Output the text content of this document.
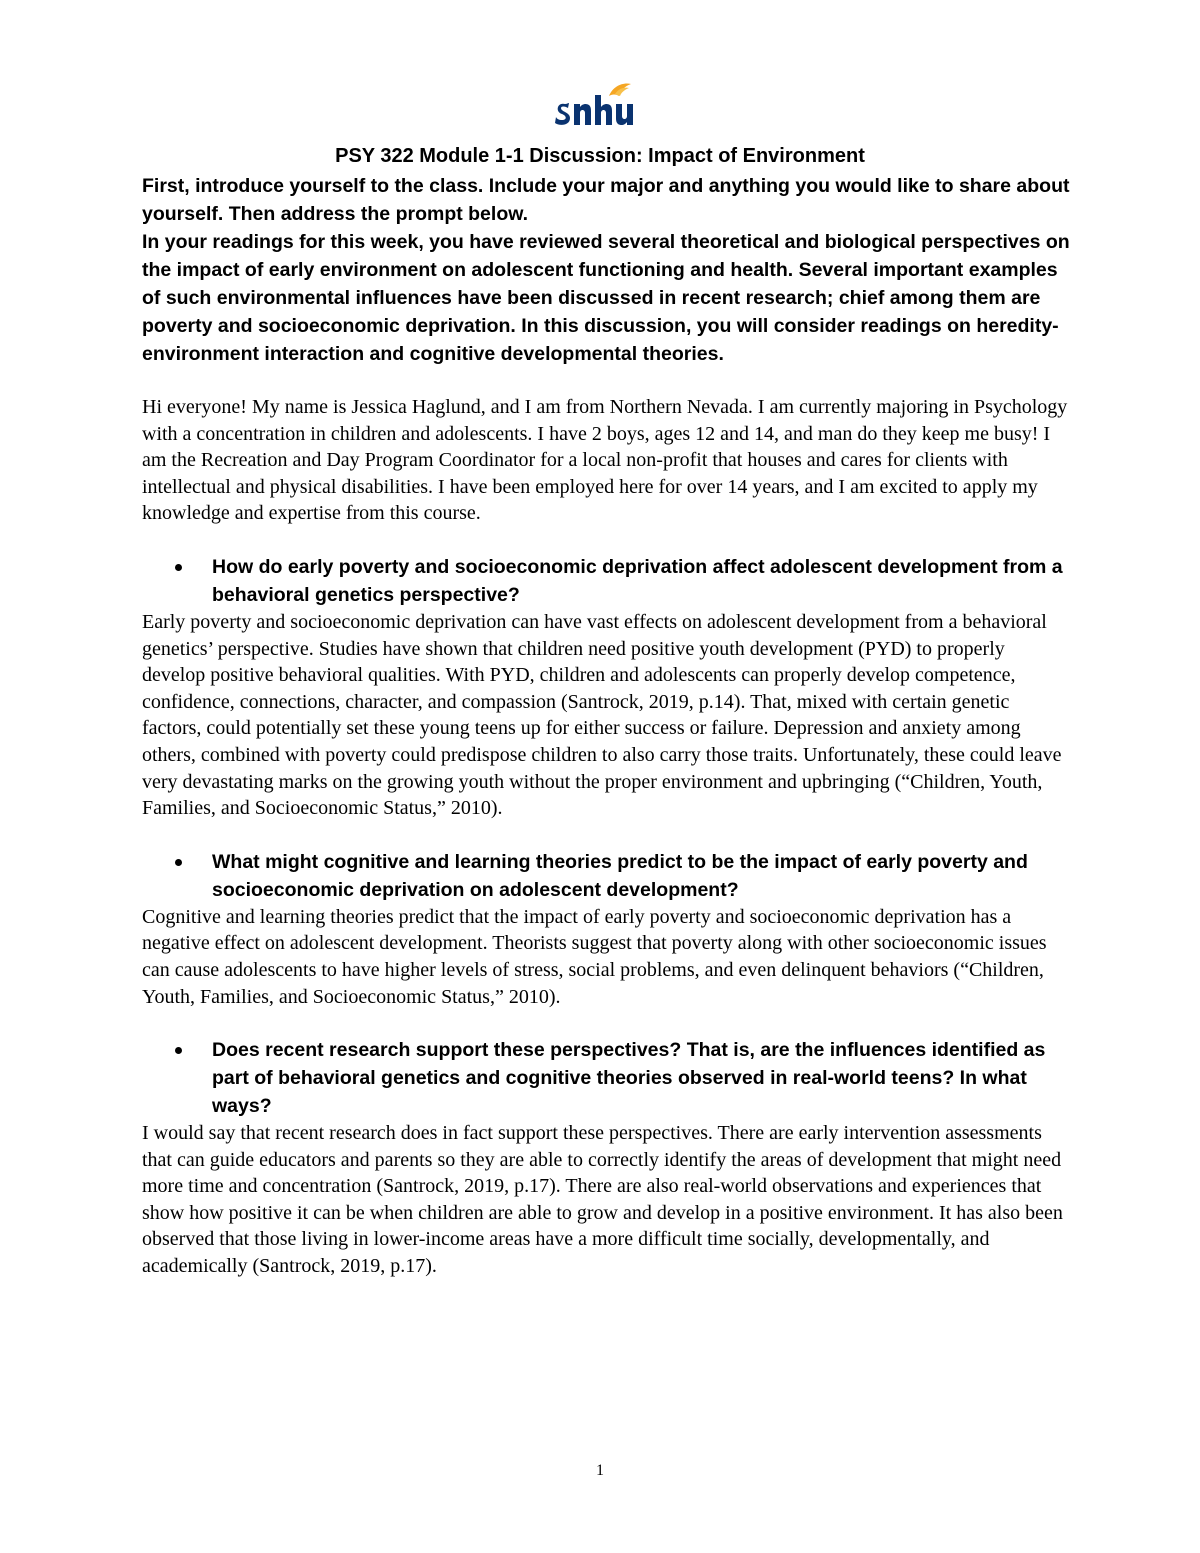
PSY 322 Module 1-1 Discussion: Impact of Environment

First, introduce yourself to the class. Include your major and anything you would like to share about yourself. Then address the prompt below.

In your readings for this week, you have reviewed several theoretical and biological perspectives on the impact of early environment on adolescent functioning and health. Several important examples of such environmental influences have been discussed in recent research; chief among them are poverty and socioeconomic deprivation. In this discussion, you will consider readings on heredity-environment interaction and cognitive developmental theories.

Hi everyone! My name is Jessica Haglund, and I am from Northern Nevada. I am currently majoring in Psychology with a concentration in children and adolescents. I have 2 boys, ages 12 and 14, and man do they keep me busy! I am the Recreation and Day Program Coordinator for a local non-profit that houses and cares for clients with intellectual and physical disabilities. I have been employed here for over 14 years, and I am excited to apply my knowledge and expertise from this course.

How do early poverty and socioeconomic deprivation affect adolescent development from a behavioral genetics perspective?

Early poverty and socioeconomic deprivation can have vast effects on adolescent development from a behavioral genetics’ perspective. Studies have shown that children need positive youth development (PYD) to properly develop positive behavioral qualities. With PYD, children and adolescents can properly develop competence, confidence, connections, character, and compassion (Santrock, 2019, p.14). That, mixed with certain genetic factors, could potentially set these young teens up for either success or failure. Depression and anxiety among others, combined with poverty could predispose children to also carry those traits. Unfortunately, these could leave very devastating marks on the growing youth without the proper environment and upbringing (“Children, Youth, Families, and Socioeconomic Status,” 2010).

What might cognitive and learning theories predict to be the impact of early poverty and socioeconomic deprivation on adolescent development?

Cognitive and learning theories predict that the impact of early poverty and socioeconomic deprivation has a negative effect on adolescent development. Theorists suggest that poverty along with other socioeconomic issues can cause adolescents to have higher levels of stress, social problems, and even delinquent behaviors (“Children, Youth, Families, and Socioeconomic Status,” 2010).

Does recent research support these perspectives? That is, are the influences identified as part of behavioral genetics and cognitive theories observed in real-world teens? In what ways?

I would say that recent research does in fact support these perspectives. There are early intervention assessments that can guide educators and parents so they are able to correctly identify the areas of development that might need more time and concentration (Santrock, 2019, p.17). There are also real-world observations and experiences that show how positive it can be when children are able to grow and develop in a positive environment. It has also been observed that those living in lower-income areas have a more difficult time socially, developmentally, and academically (Santrock, 2019, p.17).

1
